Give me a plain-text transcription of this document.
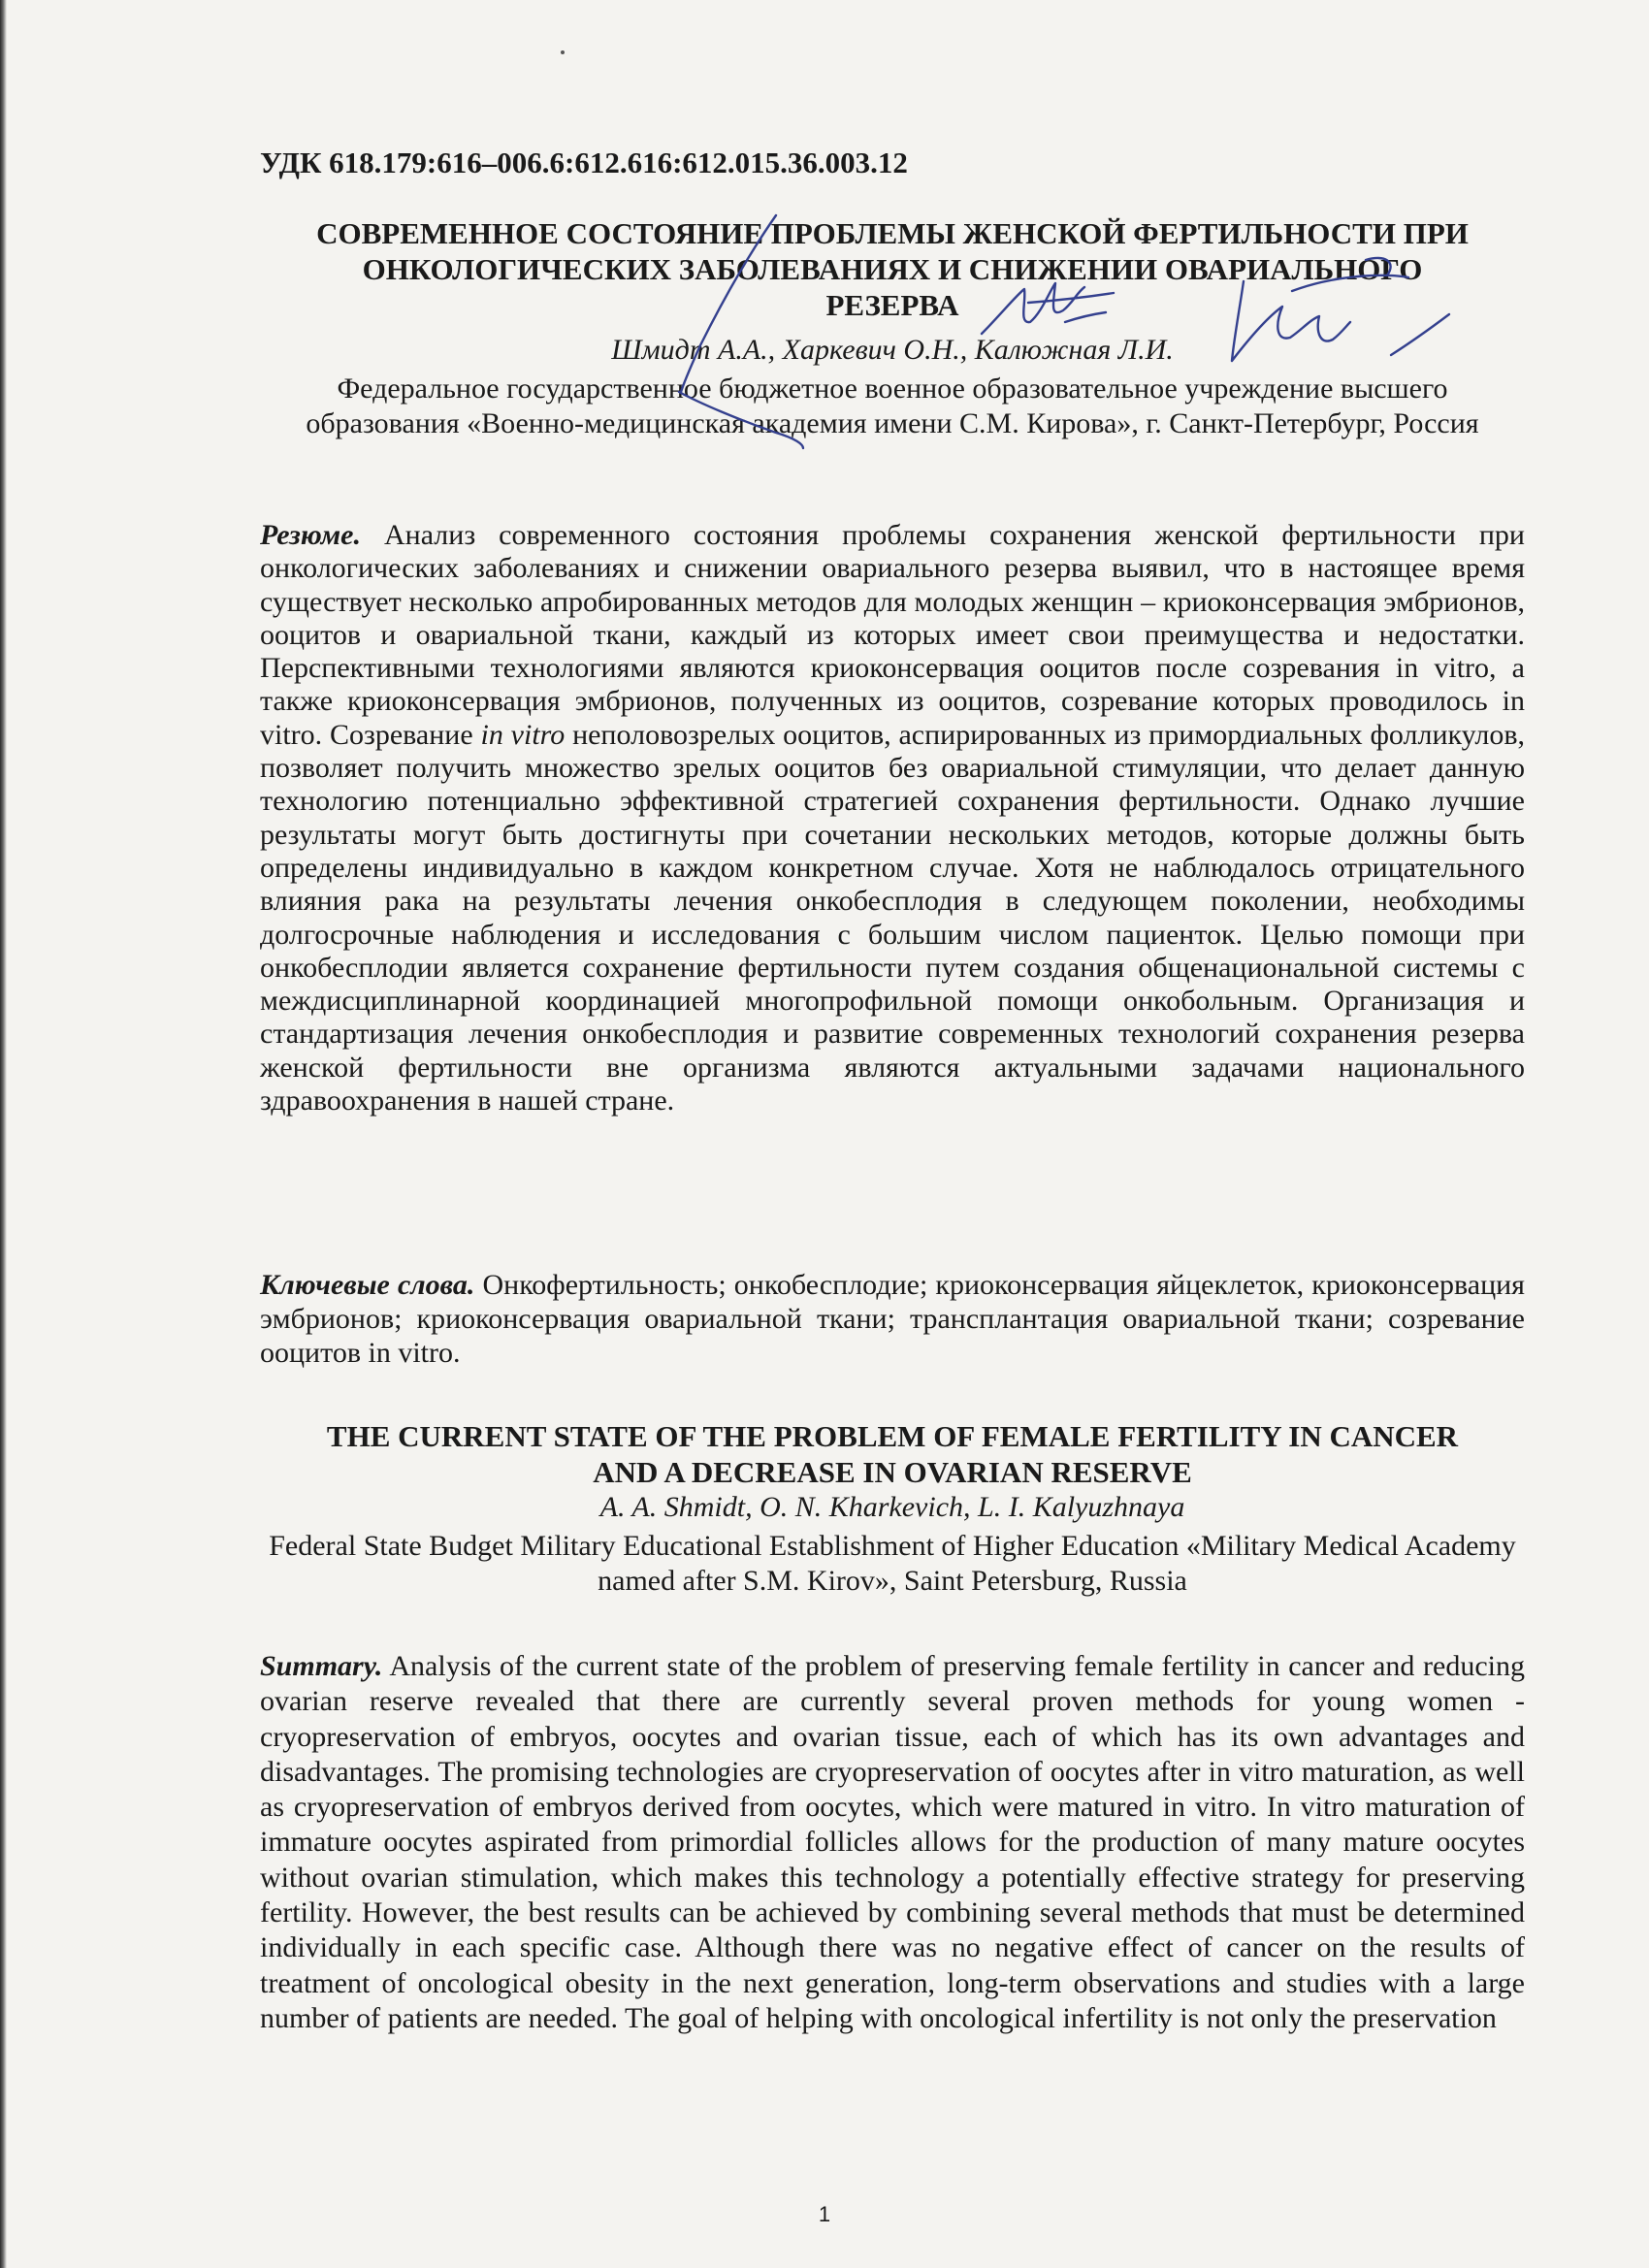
УДК 618.179:616–006.6:612.616:612.015.36.003.12
СОВРЕМЕННОЕ СОСТОЯНИЕ ПРОБЛЕМЫ ЖЕНСКОЙ ФЕРТИЛЬНОСТИ ПРИ
ОНКОЛОГИЧЕСКИХ ЗАБОЛЕВАНИЯХ И СНИЖЕНИИ ОВАРИАЛЬНОГО
РЕЗЕРВА
Шмидт А.А., Харкевич О.Н., Калюжная Л.И.
Федеральное государственное бюджетное военное образовательное учреждение высшего образования «Военно-медицинская академия имени С.М. Кирова», г. Санкт-Петербург, Россия
Резюме. Анализ современного состояния проблемы сохранения женской фертильности при онкологических заболеваниях и снижении овариального резерва выявил, что в настоящее время существует несколько апробированных методов для молодых женщин – криоконсервация эмбрионов, ооцитов и овариальной ткани, каждый из которых имеет свои преимущества и недостатки. Перспективными технологиями являются криоконсервация ооцитов после созревания in vitro, а также криоконсервация эмбрионов, полученных из ооцитов, созревание которых проводилось in vitro. Созревание in vitro неполовозрелых ооцитов, аспирированных из примордиальных фолликулов, позволяет получить множество зрелых ооцитов без овариальной стимуляции, что делает данную технологию потенциально эффективной стратегией сохранения фертильности. Однако лучшие результаты могут быть достигнуты при сочетании нескольких методов, которые должны быть определены индивидуально в каждом конкретном случае. Хотя не наблюдалось отрицательного влияния рака на результаты лечения онкобесплодия в следующем поколении, необходимы долгосрочные наблюдения и исследования с большим числом пациенток. Целью помощи при онкобесплодии является сохранение фертильности путем создания общенациональной системы с междисциплинарной координацией многопрофильной помощи онкобольным. Организация и стандартизация лечения онкобесплодия и развитие современных технологий сохранения резерва женской фертильности вне организма являются актуальными задачами национального здравоохранения в нашей стране.
Ключевые слова. Онкофертильность; онкобесплодие; криоконсервация яйцеклеток, криоконсервация эмбрионов; криоконсервация овариальной ткани; трансплантация овариальной ткани; созревание ооцитов in vitro.
THE CURRENT STATE OF THE PROBLEM OF FEMALE FERTILITY IN CANCER
AND A DECREASE IN OVARIAN RESERVE
A. A. Shmidt, O. N. Kharkevich, L. I. Kalyuzhnaya
Federal State Budget Military Educational Establishment of Higher Education «Military Medical Academy named after S.M. Kirov», Saint Petersburg, Russia
Summary. Analysis of the current state of the problem of preserving female fertility in cancer and reducing ovarian reserve revealed that there are currently several proven methods for young women - cryopreservation of embryos, oocytes and ovarian tissue, each of which has its own advantages and disadvantages. The promising technologies are cryopreservation of oocytes after in vitro maturation, as well as cryopreservation of embryos derived from oocytes, which were matured in vitro. In vitro maturation of immature oocytes aspirated from primordial follicles allows for the production of many mature oocytes without ovarian stimulation, which makes this technology a potentially effective strategy for preserving fertility. However, the best results can be achieved by combining several methods that must be determined individually in each specific case. Although there was no negative effect of cancer on the results of treatment of oncological obesity in the next generation, long-term observations and studies with a large number of patients are needed. The goal of helping with oncological infertility is not only the preservation
1
